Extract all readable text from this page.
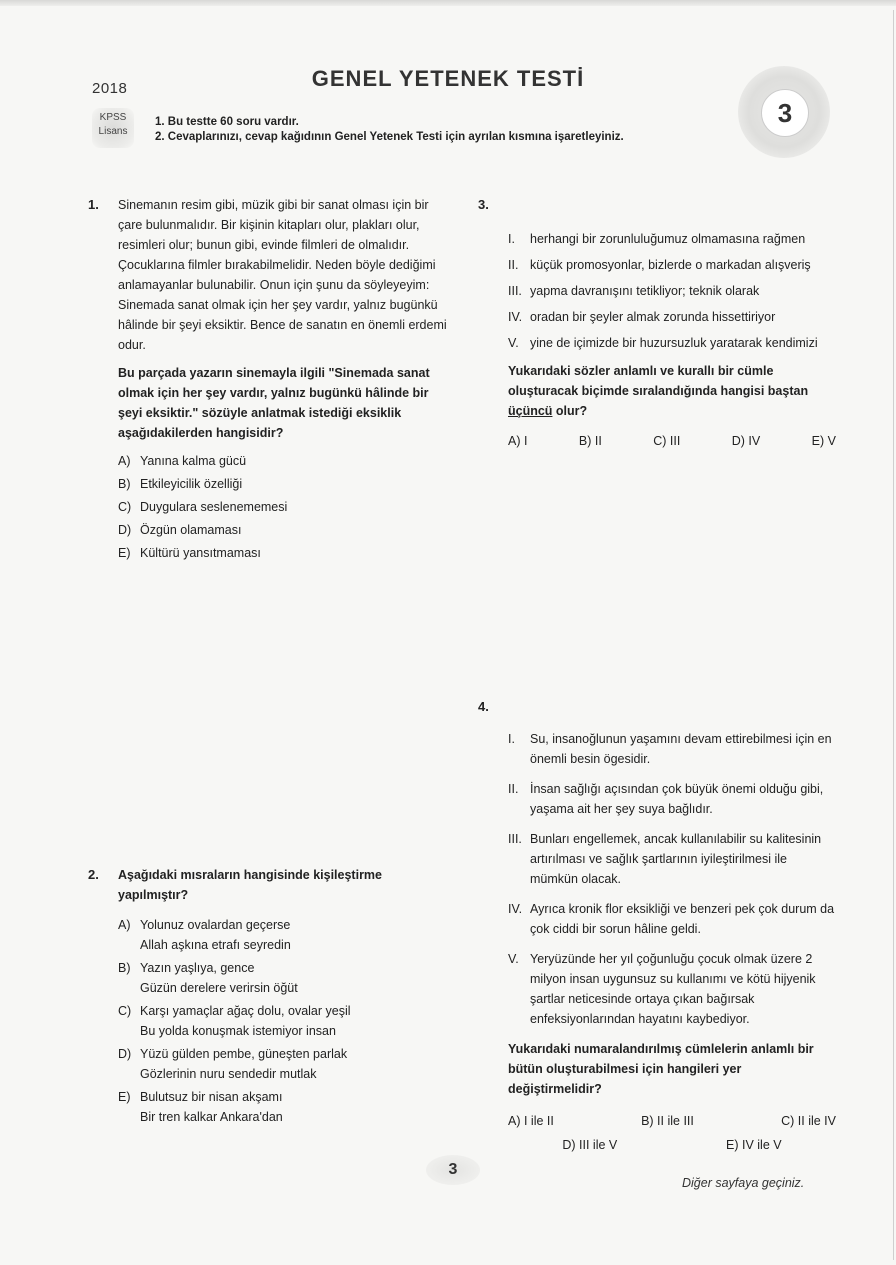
2018
KPSS
Lisans
GENEL YETENEK TESTİ
1. Bu testte 60 soru vardır.
2. Cevaplarınızı, cevap kağıdının Genel Yetenek Testi için ayrılan kısmına işaretleyiniz.
3
1.	Sinemanın resim gibi, müzik gibi bir sanat olması için bir çare bulunmalıdır. Bir kişinin kitapları olur, plakları olur, resimleri olur; bunun gibi, evinde filmleri de olmalıdır. Çocuklarına filmler bırakabilmelidir. Neden böyle dediğimi anlamayanlar bulunabilir. Onun için şunu da söyleyeyim: Sinemada sanat olmak için her şey vardır, yalnız bugünkü hâlinde bir şeyi eksiktir. Bence de sanatın en önemli erdemi odur.

Bu parçada yazarın sinemayla ilgili "Sinemada sanat olmak için her şey vardır, yalnız bugünkü hâlinde bir şeyi eksiktir." sözüyle anlatmak istediği eksiklik aşağıdakilerden hangisidir?

A) Yanına kalma gücü
B) Etkileyicilik özelliği
C) Duygulara seslenememesi
D) Özgün olamaması
E) Kültürü yansıtmaması
2.	Aşağıdaki mısraların hangisinde kişileştirme yapılmıştır?

A) Yolunuz ovalardan geçerse
Allah aşkına etrafı seyredin
B) Yazın yaşlıya, gence
Güzün derelere verirsin öğüt
C) Karşı yamaçlar ağaç dolu, ovalar yeşil
Bu yolda konuşmak istemiyor insan
D) Yüzü gülden pembe, güneşten parlak
Gözlerinin nuru sendedir mutlak
E) Bulutsuz bir nisan akşamı
Bir tren kalkar Ankara'dan
3.
I.	herhangi bir zorunluluğumuz olmamasına rağmen
II. küçük promosyonlar, bizlerde o markadan alışveriş
III. yapma davranışını tetikliyor; teknik olarak
IV. oradan bir şeyler almak zorunda hissettiriyor
V. yine de içimizde bir huzursuzluk yaratarak kendimizi

Yukarıdaki sözler anlamlı ve kurallı bir cümle oluşturacak biçimde sıralandığında hangisi baştan üçüncü olur?

A) I	B) II	C) III	D) IV	E) V
4.
I.	Su, insanoğlunun yaşamını devam ettirebilmesi için en önemli besin ögesidir.
II. İnsan sağlığı açısından çok büyük önemi olduğu gibi, yaşama ait her şey suya bağlıdır.
III. Bunları engellemek, ancak kullanılabilir su kalitesinin artırılması ve sağlık şartlarının iyileştirilmesi ile mümkün olacak.
IV. Ayrıca kronik flor eksikliği ve benzeri pek çok durum da çok ciddi bir sorun hâline geldi.
V. Yeryüzünde her yıl çoğunluğu çocuk olmak üzere 2 milyon insan uygunsuz su kullanımı ve kötü hijyenik şartlar neticesinde ortaya çıkan bağırsak enfeksiyonlarından hayatını kaybediyor.

Yukarıdaki numaralandırılmış cümlelerin anlamlı bir bütün oluşturabilmesi için hangileri yer değiştirmelidir?

A) I ile II	B) II ile III	C) II ile IV
D) III ile V	E) IV ile V
3
Diğer sayfaya geçiniz.
